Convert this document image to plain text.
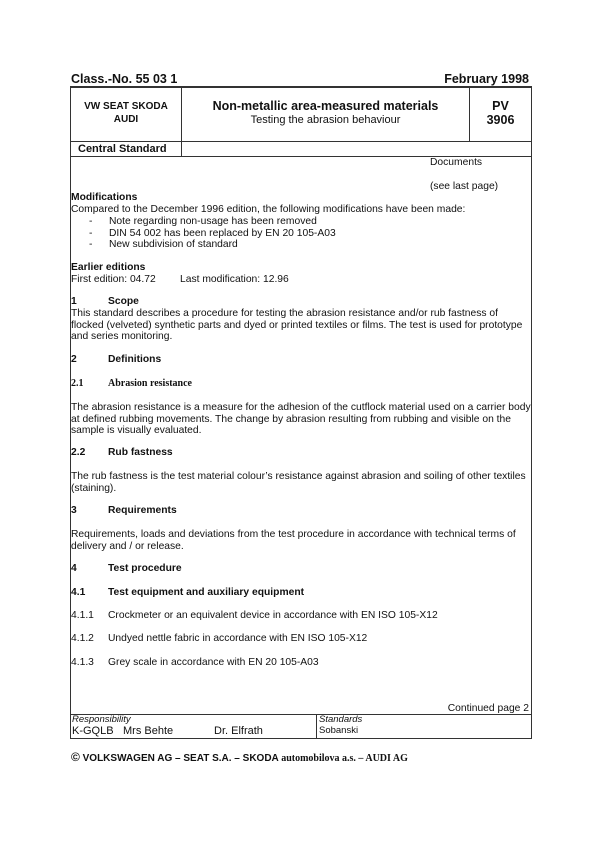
Class.-No. 55 03 1	February 1998
VW SEAT SKODA
AUDI
Non-metallic area-measured materials
Testing the abrasion behaviour
PV
3906
Central Standard
Documents
(see last page)
Modifications
Compared to the December 1996 edition, the following modifications have been made:
- Note regarding non-usage has been removed
- DIN 54 002 has been replaced by EN 20 105-A03
- New subdivision of standard
Earlier editions
First edition: 04.72 Last modification: 12.96
1	Scope

This standard describes a procedure for testing the abrasion resistance and/or rub fastness of flocked (velveted) synthetic parts and dyed or printed textiles or films. The test is used for prototype and series monitoring.

2	Definitions
2.1 Abrasion resistance

The abrasion resistance is a measure for the adhesion of the cutflock material used on a carrier body at defined rubbing movements. The change by abrasion resulting from rubbing and visible on the sample is visually evaluated.

2.2 Rub fastness

The rub fastness is the test material colour’s resistance against abrasion and soiling of other textiles (staining).

3	Requirements

Requirements, loads and deviations from the test procedure in accordance with technical terms of delivery and / or release.

4	Test procedure
4.1 Test equipment and auxiliary equipment
4.1.1 Crockmeter or an equivalent device in accordance with EN ISO 105-X12
4.1.2 Undyed nettle fabric in accordance with EN ISO 105-X12
4.1.3 Grey scale in accordance with EN 20 105-A03
Continued page 2
Responsibility
K-GQLB Mrs Behte	Dr. Elfrath
Standards
Sobanski
© VOLKSWAGEN AG – SEAT S.A. – SKODA automobilova a.s. – AUDI AG
